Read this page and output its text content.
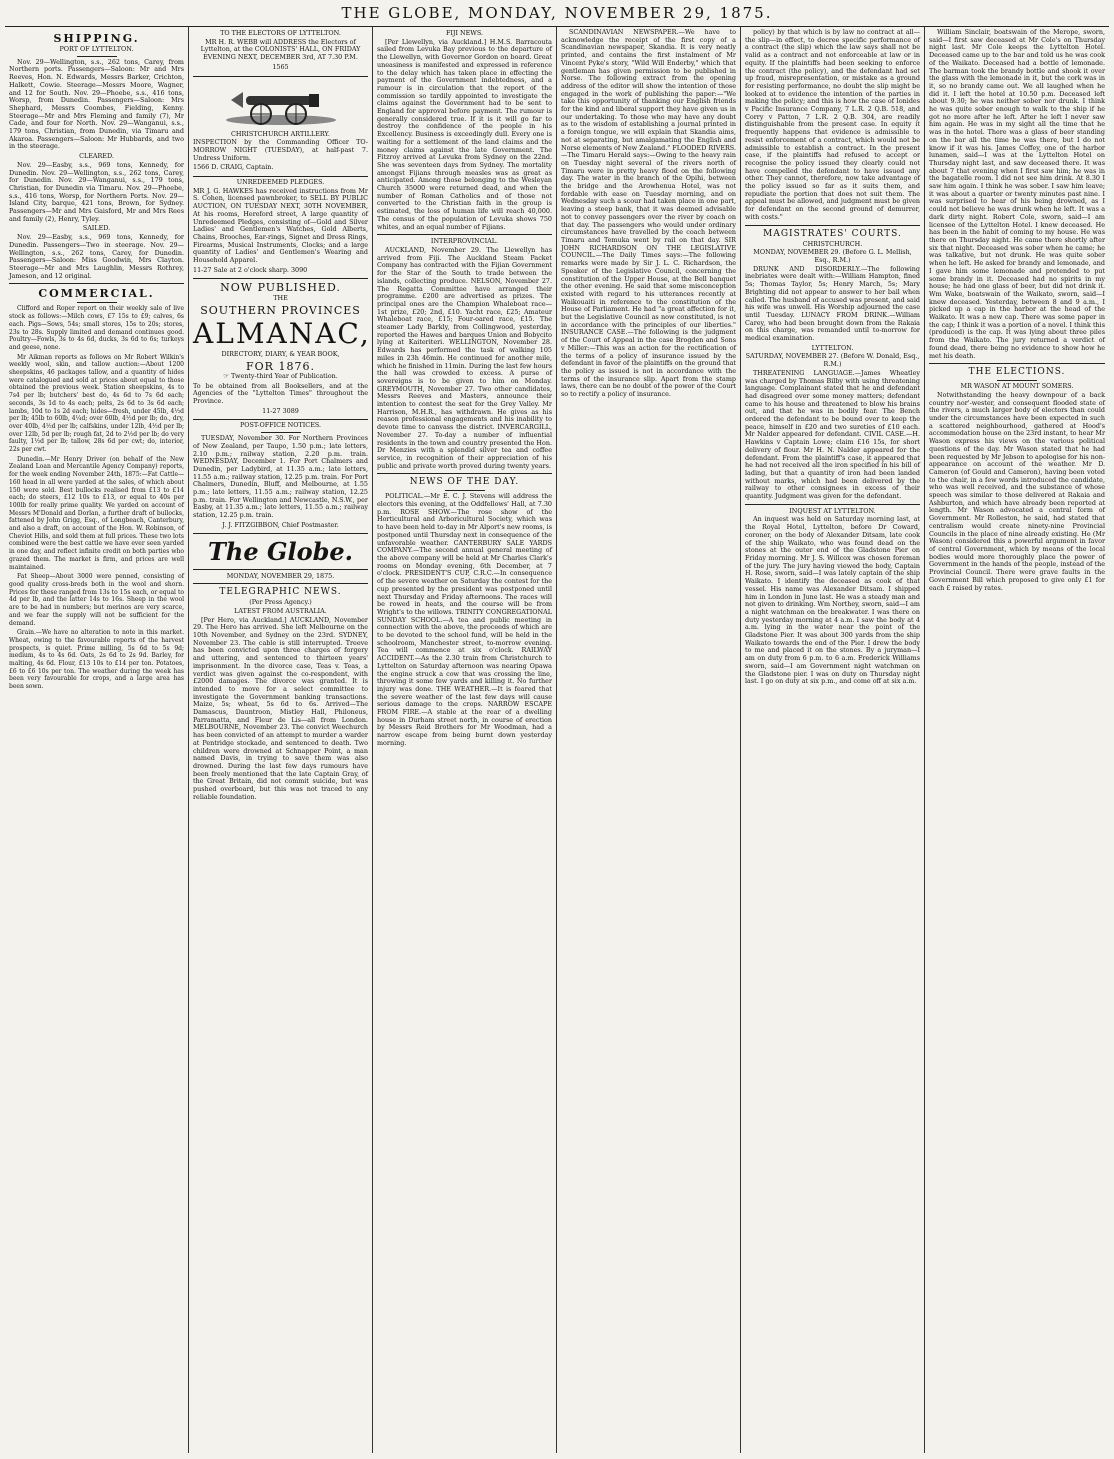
THE GLOBE, MONDAY, NOVEMBER 29, 1875.
SHIPPING.
PORT OF LYTTELTON.

Nov. 29—Wellington, s.s., 262 tons, Carey, from Northern ports. Passengers—Saloon: Mr and Mrs Reeves, Hon. N. Edwards, Messrs Barker, Crichton, Halkett, Cowie. Steerage—Messrs Moore, Wagner, and 12 for South. Nov. 29—Phoebe, s.s., 416 tons, Worsp, from Dunedin. Passengers—Saloon: Mrs Shephard, Messrs Coombes, Fielding, Kenny. Steerage—Mr and Mrs Fleming and family (7), Mr Cade, and four for North. Nov. 29—Wanganui, s.s., 179 tons, Christian, from Dunedin, via Timaru and Akaroa. Passengers—Saloon: Mr Hubbards, and two in the steerage.

CLEARED.

Nov. 29—Easby, s.s., 969 tons, Kennedy, for Dunedin. Nov. 29—Wellington, s.s., 262 tons, Carey, for Dunedin. Nov. 29—Wanganui, s.s., 179 tons, Christian, for Dunedin via Timaru. Nov. 29—Phoebe, s.s., 416 tons, Worsp, for Northern Ports. Nov. 29—Island City, barque, 421 tons, Brown, for Sydney. Passengers—Mr and Mrs Gaisford, Mr and Mrs Rees and family (2), Henry, Tyley.

SAILED.

Nov. 29—Easby, s.s., 969 tons, Kennedy, for Dunedin. Passengers—Two in steerage. Nov. 29—Wellington, s.s., 262 tons, Carey, for Dunedin. Passengers—Saloon: Miss Goodwin, Mrs Clayton. Steerage—Mr and Mrs Laughlin, Messrs Rothrey, Jameson, and 12 original.

COMMERCIAL.

Clifford and Roper report on their weekly sale of live stock as follows:—Milch cows, £7 15s to £9; calves, 6s each. Pigs—Sows, 54s; small stores, 15s to 20s; stores, 23s to 28s. Supply limited and demand continues good. Poultry—Fowls, 3s to 4s 6d, ducks, 3s 6d to 6s; turkeys and geese, none.

Mr Aikman reports as follows on Mr Robert Wilkin's weekly wool, skin, and tallow auction:—About 1200 sheepskins, 46 packages tallow, and a quantity of hides were catalogued and sold at prices about equal to those obtained the previous week. Station sheepskins, 4s to 7s4 per lb; butchers' best do, 4s 6d to 7s 6d each; seconds, 3s 1d to 4s each; pelts, 2s 6d to 3s 6d each; lambs, 10d to 1s 2d each; hides—fresh, under 45lb, 4½d per lb; 45lb to 60lb, 4¼d; over 60lb, 4½d per lb; do., dry, over 40lb, 4½d per lb; calfskins, under 12lb, 4½d per lb; over 12lb, 5d per lb; rough fat, 2d to 2½d per lb; do very faulty, 1½d per lb; tallow, 28s 6d per cwt; do, interior, 22s per cwt.

Dunedin.—Mr Henry Driver (on behalf of the New Zealand Loan and Mercantile Agency Company) reports, for the week ending November 24th, 1875:—Fat Cattle—160 head in all were yarded at the sales, of which about 150 were sold. Best bullocks realised from £13 to £14 each; do steers, £12 10s to £13, or equal to 40s per 100lb for really prime quality. We yarded on account of Messrs M'Donald and Dorlan, a further draft of bullocks, fattened by John Grigg, Esq., of Longbeach, Canterbury, and also a draft, on account of the Hon. W. Robinson, of Cheviot Hills, and sold them at full prices. These two lots combined were the best cattle we have ever seen yarded in one day, and reflect infinite credit on both parties who grazed them. The market is firm, and prices are well maintained.

Fat Sheep—About 3000 were penned, consisting of good quality cross-breds both in the wool and shorn. Prices for these ranged from 13s to 15s each, or equal to 4d per lb, and the latter 14s to 16s. Sheep in the wool are to be had in numbers; but merinos are very scarce, and we fear the supply will not be sufficient for the demand.

Grain.—We have no alteration to note in this market. Wheat, owing to the favourable reports of the harvest prospects, is quiet. Prime milling, 5s 6d to 5s 9d; medium, 4s to 4s 6d. Oats, 2s 6d to 2s 9d. Barley, for malting, 4s 6d. Flour, £13 10s to £14 per ton. Potatoes, £6 to £6 10s per ton. The weather during the week has been very favourable for crops, and a large area has been sown.

TO THE ELECTORS OF LYTTELTON.

MR H. R. WEBB will ADDRESS the Electors of Lyttelton, at the COLONISTS' HALL, ON FRIDAY EVENING NEXT, DECEMBER 3rd, AT 7.30 P.M.

1565

CHRISTCHURCH ARTILLERY.

INSPECTION by the Commanding Officer TO-MORROW NIGHT (TUESDAY), at half-past 7. Undress Uniform.

1566 D. CRAIG, Captain.

UNREDEEMED PLEDGES.

MR J. G. HAWKES has received instructions from Mr S. Cohen, licensed pawnbroker, to SELL BY PUBLIC AUCTION, ON TUESDAY NEXT, 30TH NOVEMBER, At his rooms, Hereford street, A large quantity of Unredeemed Pledges, consisting of—Gold and Silver Ladies' and Gentlemen's Watches, Gold Alberts, Chains, Brooches, Ear-rings, Signet and Dress Rings, Firearms, Musical Instruments, Clocks; and a large quantity of Ladies' and Gentlemen's Wearing and Household Apparel.

11-27 Sale at 2 o'clock sharp. 3090

NOW PUBLISHED.
THE
SOUTHERN PROVINCES
ALMANAC,
DIRECTORY, DIARY, & YEAR BOOK,
FOR 1876.

☞ Twenty-third Year of Publication.

To be obtained from all Booksellers, and at the Agencies of the "Lyttelton Times" throughout the Province.

11-27 3089

POST-OFFICE NOTICES.

TUESDAY, November 30. For Northern Provinces of New Zealand, per Taupo, 1.50 p.m.; late letters, 2.10 p.m.; railway station, 2.20 p.m. train. WEDNESDAY, December 1. For Port Chalmers and Dunedin, per Ladybird, at 11.35 a.m.; late letters, 11.55 a.m.; railway station, 12.25 p.m. train. For Port Chalmers, Dunedin, Bluff, and Melbourne, at 1.55 p.m.; late letters, 11.55 a.m.; railway station, 12.25 p.m. train. For Wellington and Newcastle, N.S.W., per Easby, at 11.35 a.m.; late letters, 11.55 a.m.; railway station, 12.25 p.m. train.

J. J. FITZGIBBON, Chief Postmaster.

The Globe.
MONDAY, NOVEMBER 29, 1875.
TELEGRAPHIC NEWS.
(Per Press Agency.)
LATEST FROM AUSTRALIA.

[Per Hero, via Auckland.] AUCKLAND, November 29. The Hero has arrived. She left Melbourne on the 10th November, and Sydney on the 23rd. SYDNEY, November 23. The cable is still interrupted. Treeve has been convicted upon three charges of forgery and uttering, and sentenced to thirteen years' imprisonment. In the divorce case, Teas v. Teas, a verdict was given against the co-respondent, with £2000 damages. The divorce was granted. It is intended to move for a select committee to investigate the Government banking transactions. Maize, 5s; wheat, 5s 6d to 6s. Arrived—The Damascus, Dauntroon, Mistley Hall, Philoneus, Parramatta, and Fleur de Lis—all from London. MELBOURNE, November 23. The convict Weechurch has been convicted of an attempt to murder a warder at Pentridge stockade, and sentenced to death. Two children were drowned at Schnapper Point, a man named Davis, in trying to save them was also drowned. During the last few days rumours have been freely mentioned that the late Captain Gray, of the Great Britain, did not commit suicide, but was pushed overboard, but this was not traced to any reliable foundation.

FIJI NEWS.

[Per Llewellyn, via Auckland.] H.M.S. Barracouta sailed from Levuka Bay previous to the departure of the Llewellyn, with Governor Gordon on board. Great uneasiness is manifested and expressed in reference to the delay which has taken place in effecting the payment of the Government indebtedness, and a rumour is in circulation that the report of the commission so tardily appointed to investigate the claims against the Government had to be sent to England for approval before payment. The rumour is generally considered true. If it is it will go far to destroy the confidence of the people in his Excellency. Business is exceedingly dull. Every one is waiting for a settlement of the land claims and the money claims against the late Government. The Fitzroy arrived at Levuka from Sydney on the 22nd. She was seventeen days from Sydney. The mortality amongst Fijians through measles was as great as anticipated. Among those belonging to the Wesleyan Church 35000 were returned dead, and when the number of Roman Catholics and of those not converted to the Christian faith in the group is estimated, the loss of human life will reach 40,000. The census of the population of Levuka shows 750 whites, and an equal number of Fijians.

INTERPROVINCIAL.

AUCKLAND, November 29. The Llewellyn has arrived from Fiji. The Auckland Steam Packet Company has contracted with the Fijian Government for the Star of the South to trade between the islands, collecting produce. NELSON, November 27. The Regatta Committee have arranged their programme. £200 are advertised as prizes. The principal ones are the Champion Whaleboat race—1st prize, £20; 2nd, £10. Yacht race, £25; Amateur Whaleboat race, £15; Four-oared race, £15. The steamer Lady Barkly, from Collingwood, yesterday, reported the Hawes and barques Union and Bobycito lying at Kaiteriteri. WELLINGTON, November 28. Edwards has performed the task of walking 105 miles in 23h 46min. He continued for another mile, which he finished in 11min. During the last few hours the hall was crowded to excess. A purse of sovereigns is to be given to him on Monday. GREYMOUTH, November 27. Two other candidates, Messrs Reeves and Masters, announce their intention to contest the seat for the Grey Valley. Mr Harrison, M.H.R., has withdrawn. He gives as his reason professional engagements and his inability to devote time to canvass the district. INVERCARGILL, November 27. To-day a number of influential residents in the town and country presented the Hon. Dr Menzies with a splendid silver tea and coffee service, in recognition of their appreciation of his public and private worth proved during twenty years.

NEWS OF THE DAY.

POLITICAL.—Mr E. C. J. Stevens will address the electors this evening, at the Oddfellows' Hall, at 7.30 p.m. ROSE SHOW.—The rose show of the Horticultural and Arboricultural Society, which was to have been held to-day in Mr Alport's new rooms, is postponed until Thursday next in consequence of the unfavorable weather. CANTERBURY SALE YARDS COMPANY.—The second annual general meeting of the above company will be held at Mr Charles Clark's rooms on Monday evening, 6th December, at 7 o'clock. PRESIDENT'S CUP, C.R.C.—In consequence of the severe weather on Saturday the contest for the cup presented by the president was postponed until next Thursday and Friday afternoons. The races will be rowed in heats, and the course will be from Wright's to the willows. TRINITY CONGREGATIONAL SUNDAY SCHOOL.—A tea and public meeting in connection with the above, the proceeds of which are to be devoted to the school fund, will be held in the schoolroom, Manchester street, to-morrow evening. Tea will commence at six o'clock. RAILWAY ACCIDENT.—As the 2.30 train from Christchurch to Lyttelton on Saturday afternoon was nearing Opawa the engine struck a cow that was crossing the line, throwing it some few yards and killing it. No further injury was done. THE WEATHER.—It is feared that the severe weather of the last few days will cause serious damage to the crops. NARROW ESCAPE FROM FIRE.—A stable at the rear of a dwelling house in Durham street north, in course of erection by Messrs Reid Brothers for Mr Woodman, had a narrow escape from being burnt down yesterday morning.

SCANDINAVIAN NEWSPAPER.—We have to acknowledge the receipt of the first copy of a Scandinavian newspaper, Skandia. It is very neatly printed, and contains the first instalment of Mr Vincent Pyke's story, "Wild Will Enderby," which that gentleman has given permission to be published in Norse. The following extract from the opening address of the editor will show the intention of those engaged in the work of publishing the paper:—"We take this opportunity of thanking our English friends for the kind and liberal support they have given us in our undertaking. To those who may have any doubt as to the wisdom of establishing a journal printed in a foreign tongue, we will explain that Skandia aims, not at separating, but amalgamating the English and Norse elements of New Zealand." FLOODED RIVERS.—The Timaru Herald says:—Owing to the heavy rain on Tuesday night several of the rivers north of Timaru were in pretty heavy flood on the following day. The water in the branch of the Opihi, between the bridge and the Arowhenua Hotel, was not fordable with ease on Tuesday morning, and on Wednesday such a scour had taken place in one part, leaving a steep bank, that it was deemed advisable not to convey passengers over the river by coach on that day. The passengers who would under ordinary circumstances have travelled by the coach between Timaru and Temuka went by rail on that day. SIR JOHN RICHARDSON ON THE LEGISLATIVE COUNCIL.—The Daily Times says:—The following remarks were made by Sir J. L. C. Richardson, the Speaker of the Legislative Council, concerning the constitution of the Upper House, at the Bell banquet the other evening. He said that some misconception existed with regard to his utterances recently at Waikouaiti in reference to the constitution of the House of Parliament. He had "a great affection for it, but the Legislative Council as now constituted, is not in accordance with the principles of our liberties." INSURANCE CASE.—The following is the judgment of the Court of Appeal in the case Brogden and Sons v Miller:—This was an action for the rectification of the terms of a policy of insurance issued by the defendant in favor of the plaintiffs on the ground that the policy as issued is not in accordance with the terms of the insurance slip. Apart from the stamp laws, there can be no doubt of the power of the Court so to rectify a policy of insurance.

policy) by that which is by law no contract at all—the slip—in effect, to decree specific performance of a contract (the slip) which the law says shall not be valid as a contract and not enforceable at law or in equity. If the plaintiffs had been seeking to enforce the contract (the policy), and the defendant had set up fraud, misrepresentation, or mistake as a ground for resisting performance, no doubt the slip might be looked at to evidence the intention of the parties in making the policy; and this is how the case of Ionides v Pacific Insurance Company, 7 L.R. 2 Q.B. 518, and Corry v Patton, 7 L.R. 2 Q.B. 304, are readily distinguishable from the present case. In equity it frequently happens that evidence is admissible to resist enforcement of a contract, which would not be admissible to establish a contract. In the present case, if the plaintiffs had refused to accept or recognise the policy issued they clearly could not have compelled the defendant to have issued any other. They cannot, therefore, now take advantage of the policy issued so far as it suits them, and repudiate the portion that does not suit them. The appeal must be allowed, and judgment must be given for defendant on the second ground of demurrer, with costs."

MAGISTRATES' COURTS.
CHRISTCHURCH.
MONDAY, NOVEMBER 29. (Before G. L. Mellish, Esq., R.M.)

DRUNK AND DISORDERLY.—The following inebriates were dealt with:—William Hampton, fined 5s; Thomas Taylor, 5s; Henry March, 5s; Mary Brighting did not appear to answer to her bail when called. The husband of accused was present, and said his wife was unwell. His Worship adjourned the case until Tuesday. LUNACY FROM DRINK.—William Carey, who had been brought down from the Rakaia on this charge, was remanded until to-morrow for medical examination.

LYTTELTON.
SATURDAY, NOVEMBER 27. (Before W. Donald, Esq., R.M.)

THREATENING LANGUAGE.—James Wheatley was charged by Thomas Bilby with using threatening language. Complainant stated that he and defendant had disagreed over some money matters; defendant came to his house and threatened to blow his brains out, and that he was in bodily fear. The Bench ordered the defendant to be bound over to keep the peace, himself in £20 and two sureties of £10 each. Mr Nalder appeared for defendant. CIVIL CASE.—H. Hawkins v Captain Lowe; claim £16 15s, for short delivery of flour. Mr H. N. Nalder appeared for the defendant. From the plaintiff's case, it appeared that he had not received all the iron specified in his bill of lading, but that a quantity of iron had been landed without marks, which had been delivered by the railway to other consignees in excess of their quantity. Judgment was given for the defendant.

INQUEST AT LYTTELTON.

An inquest was held on Saturday morning last, at the Royal Hotel, Lyttelton, before Dr Coward, coroner, on the body of Alexander Ditsam, late cook of the ship Waikato, who was found dead on the stones at the outer end of the Gladstone Pier on Friday morning. Mr J. S. Willcox was chosen foreman of the jury. The jury having viewed the body, Captain H. Rose, sworn, said—I was lately captain of the ship Waikato. I identify the deceased as cook of that vessel. His name was Alexander Ditsam. I shipped him in London in June last. He was a steady man and not given to drinking. Wm Northey, sworn, said—I am a night watchman on the breakwater. I was there on duty yesterday morning at 4 a.m. I saw the body at 4 a.m. lying in the water near the point of the Gladstone Pier. It was about 300 yards from the ship Waikato towards the end of the Pier. I drew the body to me and placed it on the stones. By a juryman—I am on duty from 6 p.m. to 6 a.m. Frederick Williams sworn, said—I am Government night watchman on the Gladstone pier. I was on duty on Thursday night last. I go on duty at six p.m., and come off at six a.m.

William Sinclair, boatswain of the Merope, sworn, said—I first saw deceased at Mr Cole's on Thursday night last. Mr Cole keeps the Lyttelton Hotel. Deceased came up to the bar and told us he was cook of the Waikato. Deceased had a bottle of lemonade. The barman took the brandy bottle and shook it over the glass with the lemonade in it, but the cork was in it, so no brandy came out. We all laughed when he did it. I left the hotel at 10.50 p.m. Deceased left about 9.30; he was neither sober nor drunk. I think he was quite sober enough to walk to the ship if he got no more after he left. After he left I never saw him again. He was in my sight all the time that he was in the hotel. There was a glass of beer standing on the bar all the time he was there, but I do not know if it was his. James Coffey, one of the harbor lunamen, said—I was at the Lyttelton Hotel on Thursday night last, and saw deceased there. It was about 7 that evening when I first saw him; he was in the bagatelle room. I did not see him drink. At 8.30 I saw him again. I think he was sober. I saw him leave; it was about a quarter or twenty minutes past nine. I was surprised to hear of his being drowned, as I could not believe he was drunk when he left. It was a dark dirty night. Robert Cole, sworn, said—I am licensee of the Lyttelton Hotel. I knew deceased. He has been in the habit of coming to my house. He was there on Thursday night. He came there shortly after six that night. Deceased was sober when he came; he was talkative, but not drunk. He was quite sober when he left. He asked for brandy and lemonade, and I gave him some lemonade and pretended to put some brandy in it. Deceased had no spirits in my house; he had one glass of beer, but did not drink it. Wm Wake, boatswain of the Waikato, sworn, said—I knew deceased. Yesterday, between 8 and 9 a.m., I picked up a cap in the harbor at the head of the Waikato. It was a new cap. There was some paper in the cap; I think it was a portion of a novel. I think this (produced) is the cap. It was lying about three piles from the Waikato. The jury returned a verdict of found dead, there being no evidence to show how he met his death.

THE ELECTIONS.
MR WASON AT MOUNT SOMERS.

Notwithstanding the heavy downpour of a back country nor'-wester, and consequent flooded state of the rivers, a much larger body of electors than could under the circumstances have been expected in such a scattered neighbourhood, gathered at Hood's accommodation house on the 23rd instant, to hear Mr Wason express his views on the various political questions of the day. Mr Wason stated that he had been requested by Mr Jebson to apologise for his non-appearance on account of the weather. Mr D. Cameron (of Gould and Cameron), having been voted to the chair, in a few words introduced the candidate, who was well received, and the substance of whose speech was similar to those delivered at Rakaia and Ashburton, and which have already been reported at length. Mr Wason advocated a central form of Government. Mr Rolleston, he said, had stated that centralism would create ninety-nine Provincial Councils in the place of nine already existing. He (Mr Wason) considered this a powerful argument in favor of central Government, which by means of the local bodies would more thoroughly place the power of Government in the hands of the people, instead of the Provincial Council. There were grave faults in the Government Bill which proposed to give only £1 for each £ raised by rates.
